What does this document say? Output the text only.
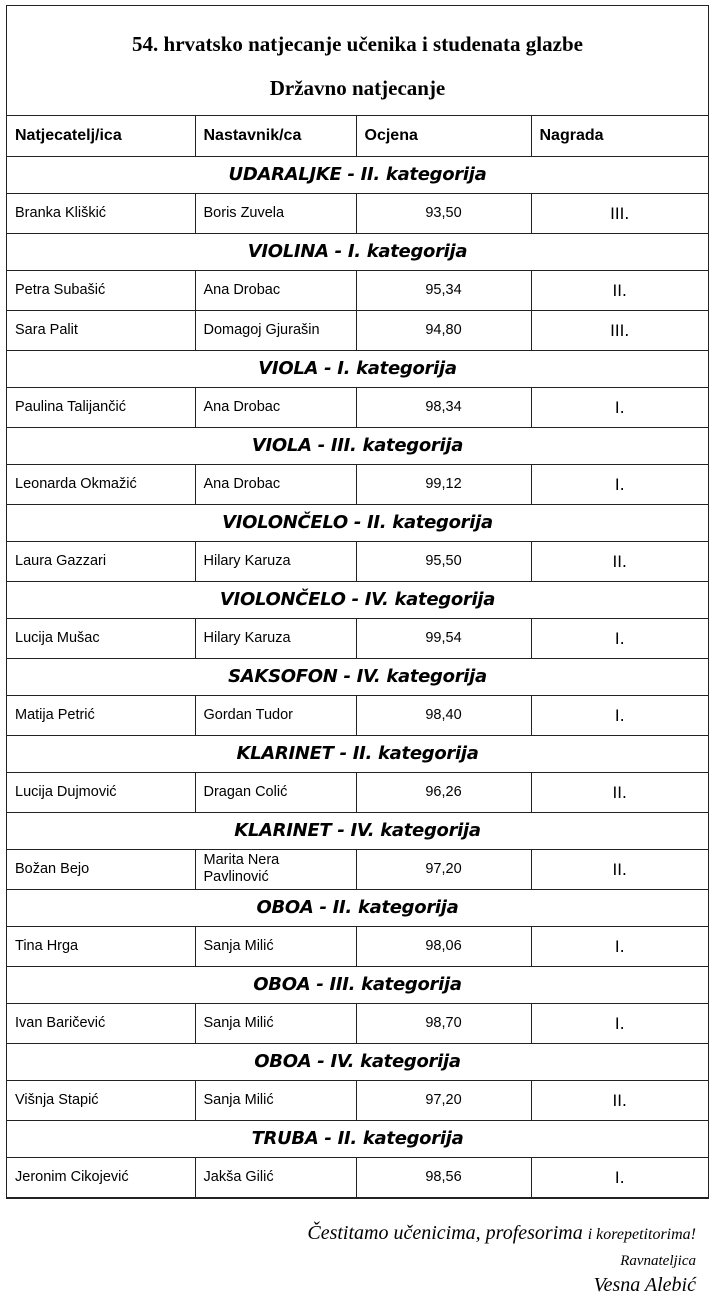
54. hrvatsko natjecanje učenika i studenata glazbe
Državno natjecanje
Natjecatelj/ica	Nastavnik/ca	Ocjena	Nagrada
UDARALJKE - II. kategorija			
Branka Kliškić	Boris Zuvela	93,50	III.
VIOLINA - I. kategorija			
Petra Subašić	Ana Drobac	95,34	II.
Sara Palit	Domagoj Gjurašin	94,80	III.
VIOLA - I. kategorija			
Paulina Talijančić	Ana Drobac	98,34	I.
VIOLA - III. kategorija			
Leonarda Okmažić	Ana Drobac	99,12	I.
VIOLONČELO - II. kategorija			
Laura Gazzari	Hilary Karuza	95,50	II.
VIOLONČELO - IV. kategorija			
Lucija Mušac	Hilary Karuza	99,54	I.
SAKSOFON - IV. kategorija			
Matija Petrić	Gordan Tudor	98,40	I.
KLARINET - II. kategorija			
Lucija Dujmović	Dragan Colić	96,26	II.
KLARINET - IV. kategorija			
Božan Bejo	Marita Nera Pavlinović	97,20	II.
OBOA - II. kategorija			
Tina Hrga	Sanja Milić	98,06	I.
OBOA - III. kategorija			
Ivan Baričević	Sanja Milić	98,70	I.
OBOA - IV. kategorija			
Višnja Stapić	Sanja Milić	97,20	II.
TRUBA - II. kategorija			
Jeronim Cikojević	Jakša Gilić	98,56	I.
Čestitamo učenicima, profesorima i korepetitorima!
Ravnateljica
Vesna Alebić
